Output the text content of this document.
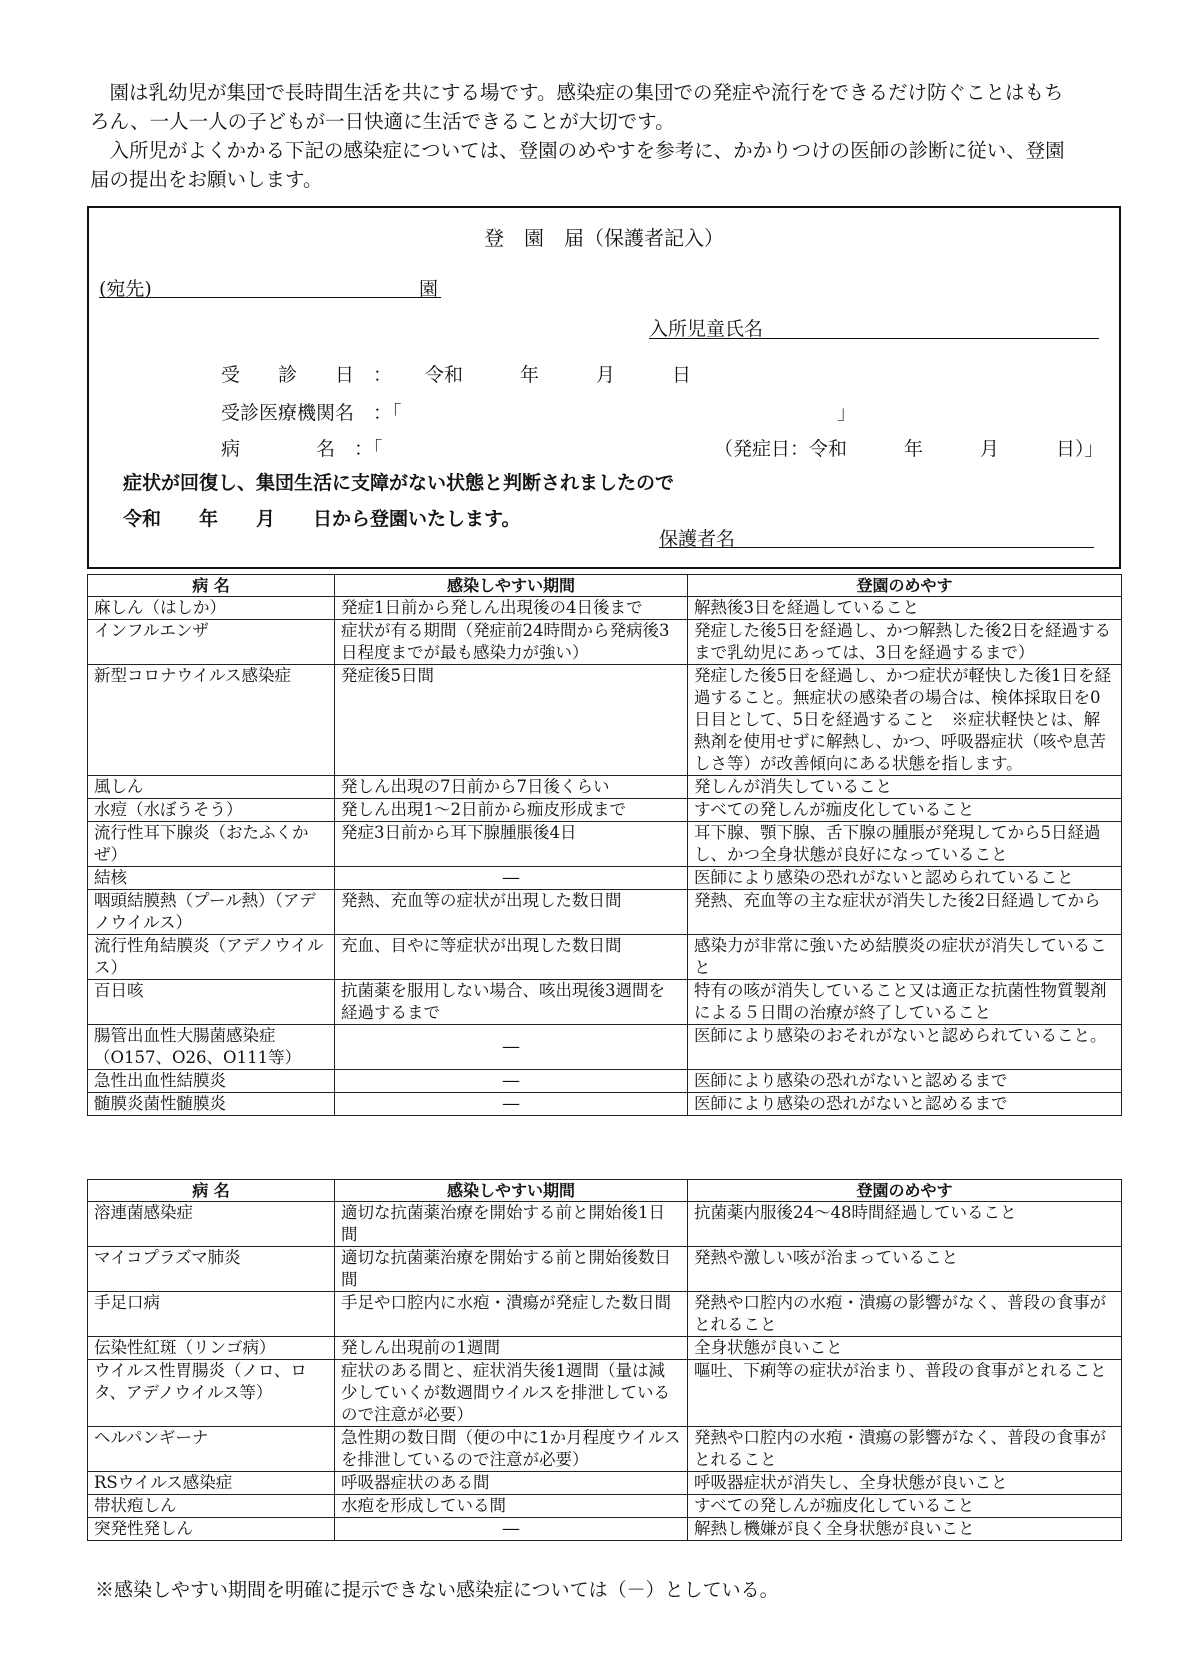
園は乳幼児が集団で長時間生活を共にする場です。感染症の集団での発症や流行をできるだけ防ぐことはもちろん、一人一人の子どもが一日快適に生活できることが大切です。

入所児がよくかかる下記の感染症については、登園のめやすを参考に、かかりつけの医師の診断に従い、登園届の提出をお願いします。

登　園　届（保護者記入）
(宛先)	園
入所児童氏名
受　　診　　日　： 令和　　　年　　　月　　　日
受診医療機関名　：「	」
病　　　　名　：「	（発症日：令和　　　年　　　月　　　日）」
症状が回復し、集団生活に支障がない状態と判断されましたので
令和　　年　　月　　日から登園いたします。
保護者名
病 名	感染しやすい期間	登園のめやす
麻しん（はしか）	発症1日前から発しん出現後の4日後まで	解熱後3日を経過していること
インフルエンザ	症状が有る期間（発症前24時間から発病後3日程度までが最も感染力が強い）	発症した後5日を経過し、かつ解熱した後2日を経過するまで乳幼児にあっては、3日を経過するまで）
新型コロナウイルス感染症	発症後5日間	発症した後5日を経過し、かつ症状が軽快した後1日を経過すること。無症状の感染者の場合は、検体採取日を0日目として、5日を経過すること　※症状軽快とは、解熱剤を使用せずに解熱し、かつ、呼吸器症状（咳や息苦しさ等）が改善傾向にある状態を指します。
風しん	発しん出現の7日前から7日後くらい	発しんが消失していること
水痘（水ぼうそう）	発しん出現1～2日前から痂皮形成まで	すべての発しんが痂皮化していること
流行性耳下腺炎（おたふくかぜ）	発症3日前から耳下腺腫脹後4日	耳下腺、顎下腺、舌下腺の腫脹が発現してから5日経過し、かつ全身状態が良好になっていること
結核	―	医師により感染の恐れがないと認められていること
咽頭結膜熱（プール熱）（アデノウイルス）	発熱、充血等の症状が出現した数日間	発熱、充血等の主な症状が消失した後2日経過してから
流行性角結膜炎（アデノウイルス）	充血、目やに等症状が出現した数日間	感染力が非常に強いため結膜炎の症状が消失していること
百日咳	抗菌薬を服用しない場合、咳出現後3週間を経過するまで	特有の咳が消失していること又は適正な抗菌性物質製剤による５日間の治療が終了していること
腸管出血性大腸菌感染症（O157、O26、O111等）	―	医師により感染のおそれがないと認められていること。
急性出血性結膜炎	―	医師により感染の恐れがないと認めるまで
髄膜炎菌性髄膜炎	―	医師により感染の恐れがないと認めるまで
病 名	感染しやすい期間	登園のめやす
溶連菌感染症	適切な抗菌薬治療を開始する前と開始後1日間	抗菌薬内服後24～48時間経過していること
マイコプラズマ肺炎	適切な抗菌薬治療を開始する前と開始後数日間	発熱や激しい咳が治まっていること
手足口病	手足や口腔内に水疱・潰瘍が発症した数日間	発熱や口腔内の水疱・潰瘍の影響がなく、普段の食事がとれること
伝染性紅斑（リンゴ病）	発しん出現前の1週間	全身状態が良いこと
ウイルス性胃腸炎（ノロ、ロタ、アデノウイルス等）	症状のある間と、症状消失後1週間（量は減少していくが数週間ウイルスを排泄しているので注意が必要）	嘔吐、下痢等の症状が治まり、普段の食事がとれること
ヘルパンギーナ	急性期の数日間（便の中に1か月程度ウイルスを排泄しているので注意が必要）	発熱や口腔内の水疱・潰瘍の影響がなく、普段の食事がとれること
RSウイルス感染症	呼吸器症状のある間	呼吸器症状が消失し、全身状態が良いこと
帯状疱しん	水疱を形成している間	すべての発しんが痂皮化していること
突発性発しん	―	解熱し機嫌が良く全身状態が良いこと
※感染しやすい期間を明確に提示できない感染症については（－）としている。
